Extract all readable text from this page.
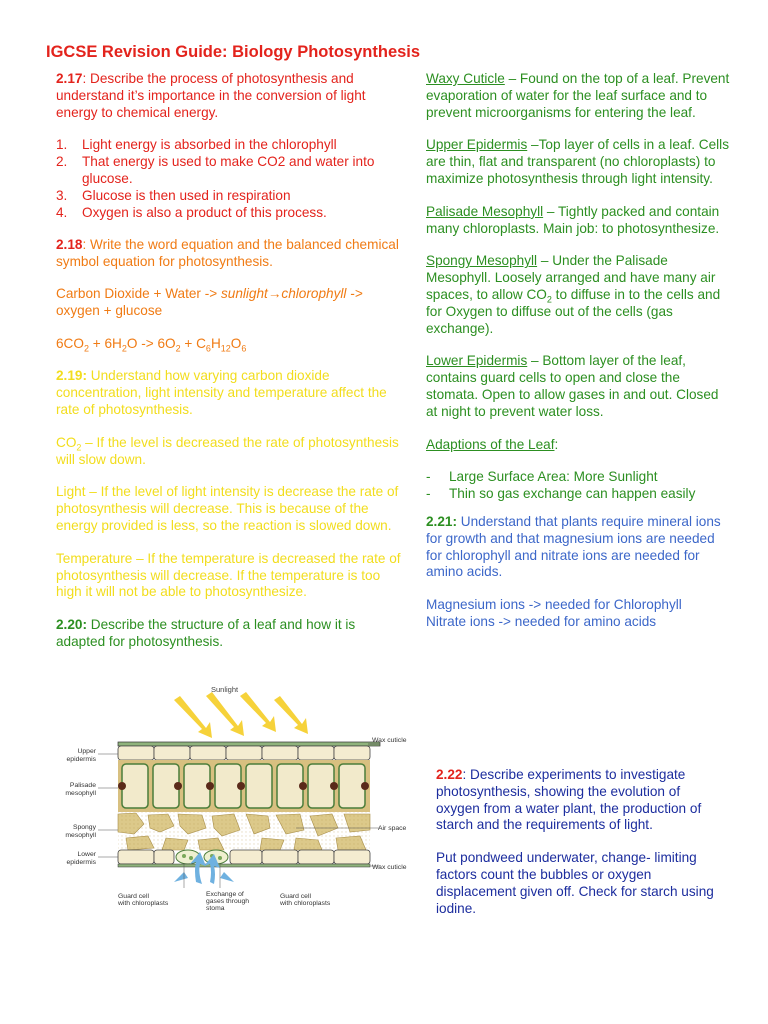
IGCSE Revision Guide: Biology Photosynthesis

2.17: Describe the process of photosynthesis and understand it’s importance in the conversion of light energy to chemical energy.

1. Light energy is absorbed in the chlorophyll
2. That energy is used to make CO2 and water into glucose.
3. Glucose is then used in respiration
4. Oxygen is also a product of this process.

2.18: Write the word equation and the balanced chemical symbol equation for photosynthesis.

Carbon Dioxide + Water -> sunlight→chlorophyll -> oxygen + glucose

$6CO_2 + 6H_2O -> 6O_2 + C_6H_{12}O_6$

2.19: Understand how varying carbon dioxide concentration, light intensity and temperature affect the rate of photosynthesis.

$CO_2$ – If the level is decreased the rate of photosynthesis will slow down.

Light – If the level of light intensity is decrease the rate of photosynthesis will decrease. This is because of the energy provided is less, so the reaction is slowed down.

Temperature – If the temperature is decreased the rate of photosynthesis will decrease. If the temperature is too high it will not be able to photosynthesize.

2.20: Describe the structure of a leaf and how it is adapted for photosynthesis.

Sunlight
Upper epidermis
Palisade mesophyll
Spongy mesophyll
Lower epidermis
Wax cuticle
Air space
Wax cuticle
Guard cell with chloroplasts
Exchange of gases through stoma
Guard cell with chloroplasts

Waxy Cuticle – Found on the top of a leaf. Prevent evaporation of water for the leaf surface and to prevent microorganisms for entering the leaf.

Upper Epidermis –Top layer of cells in a leaf. Cells are thin, flat and transparent (no chloroplasts) to maximize photosynthesis through light intensity.

Palisade Mesophyll – Tightly packed and contain many chloroplasts. Main job: to photosynthesize.

Spongy Mesophyll – Under the Palisade Mesophyll. Loosely arranged and have many air spaces, to allow $CO_2$ to diffuse in to the cells and for Oxygen to diffuse out of the cells (gas exchange).

Lower Epidermis – Bottom layer of the leaf, contains guard cells to open and close the stomata. Open to allow gases in and out. Closed at night to prevent water loss.

Adaptions of the Leaf:

- Large Surface Area: More Sunlight
- Thin so gas exchange can happen easily

2.21: Understand that plants require mineral ions for growth and that magnesium ions are needed for chlorophyll and nitrate ions are needed for amino acids.

Magnesium ions -> needed for Chlorophyll

Nitrate ions -> needed for amino acids

2.22: Describe experiments to investigate photosynthesis, showing the evolution of oxygen from a water plant, the production of starch and the requirements of light.

Put pondweed underwater, change- limiting factors count the bubbles or oxygen displacement given off. Check for starch using iodine.
